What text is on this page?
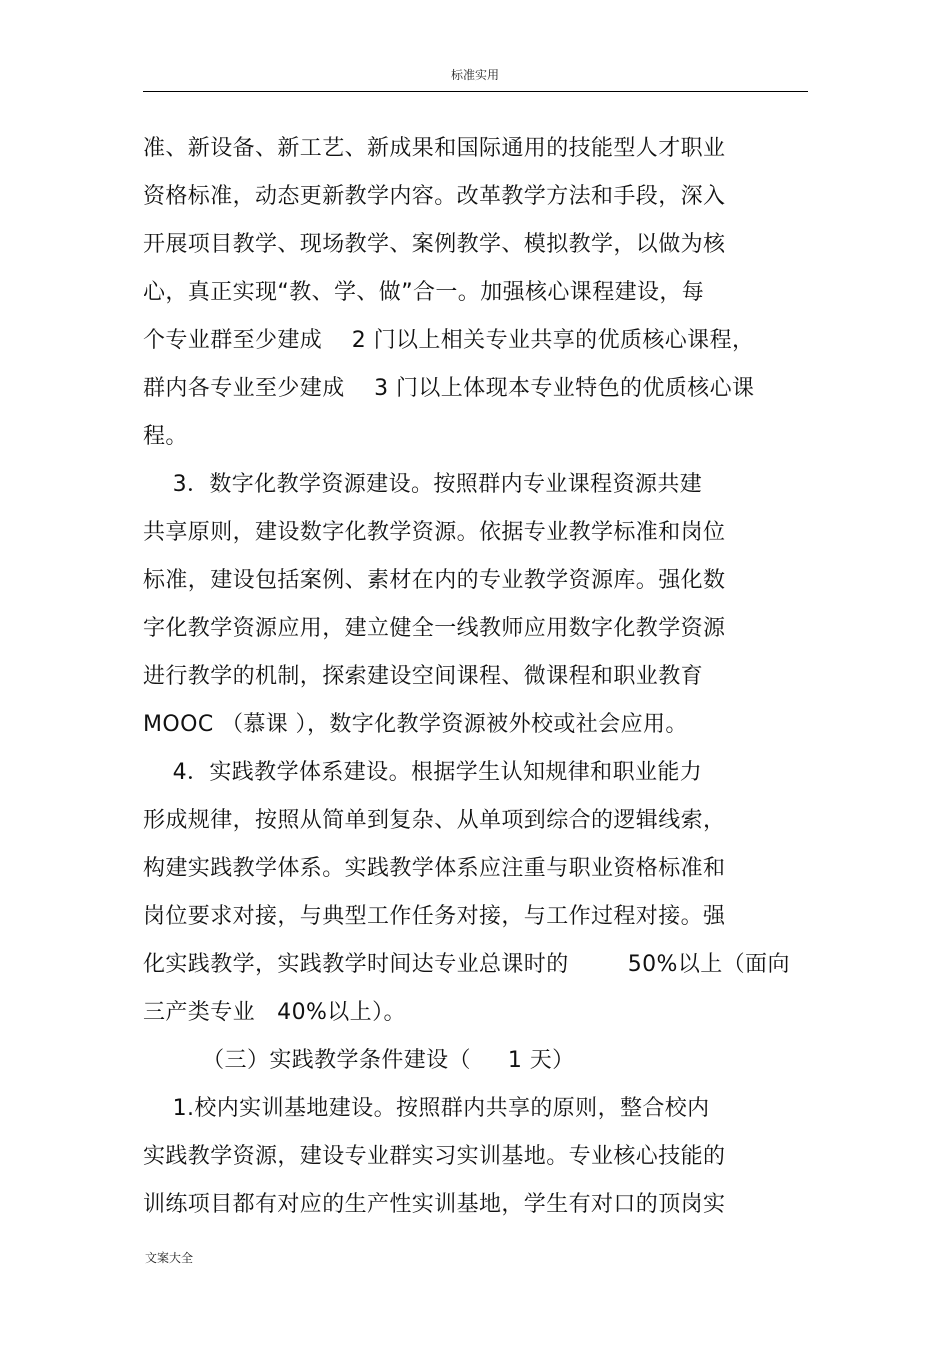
标准实用
准、新设备、新工艺、新成果和国际通用的技能型人才职业
资格标准，动态更新教学内容。改革教学方法和手段，深入
开展项目教学、现场教学、案例教学、模拟教学，以做为核
心，真正实现“教、学、做”合一。加强核心课程建设，每
个专业群至少建成    2 门以上相关专业共享的优质核心课程，
群内各专业至少建成    3 门以上体现本专业特色的优质核心课
程。
3．数字化教学资源建设。按照群内专业课程资源共建
共享原则，建设数字化教学资源。依据专业教学标准和岗位
标准，建设包括案例、素材在内的专业教学资源库。强化数
字化教学资源应用，建立健全一线教师应用数字化教学资源
进行教学的机制，探索建设空间课程、微课程和职业教育
MOOC （慕课 ），数字化教学资源被外校或社会应用。
4．实践教学体系建设。根据学生认知规律和职业能力
形成规律，按照从简单到复杂、从单项到综合的逻辑线索，
构建实践教学体系。实践教学体系应注重与职业资格标准和
岗位要求对接，与典型工作任务对接，与工作过程对接。强
化实践教学，实践教学时间达专业总课时的        50%以上（面向
三产类专业   40%以上）。
（三）实践教学条件建设（     1 天）
1.校内实训基地建设。按照群内共享的原则，整合校内
实践教学资源，建设专业群实习实训基地。专业核心技能的
训练项目都有对应的生产性实训基地，学生有对口的顶岗实
文案大全
